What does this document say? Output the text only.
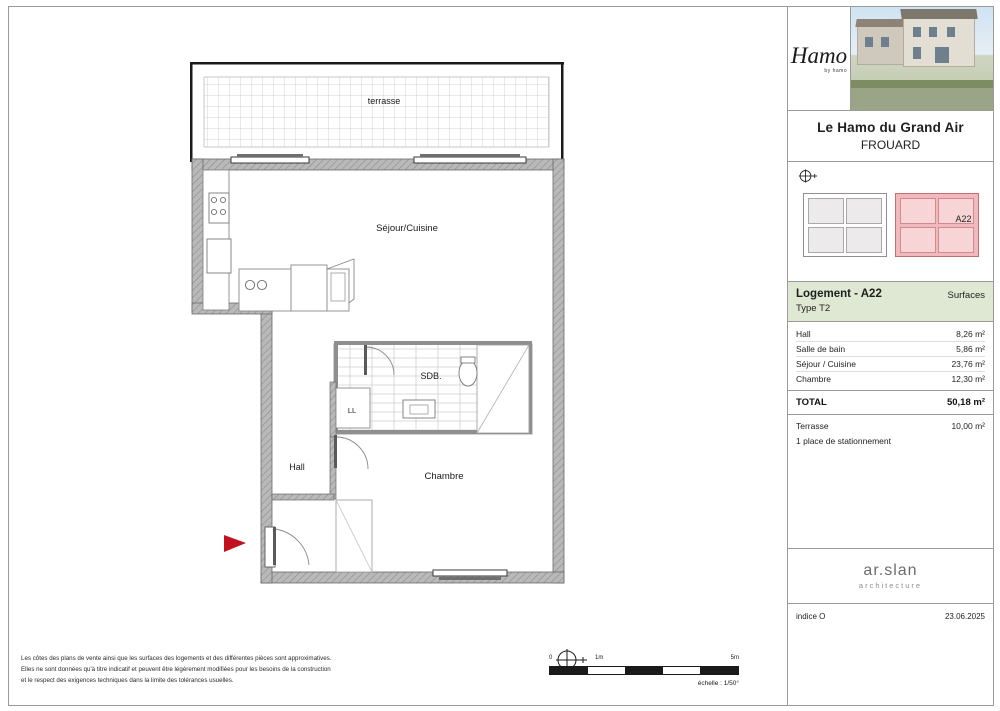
terrasse
Séjour/Cuisine
LL
SDB.
Chambre
Hall
Les côtes des plans de vente ainsi que les surfaces des logements et des différentes pièces sont approximatives.
Elles ne sont données qu'à titre indicatif et peuvent être légèrement modifiées pour les besoins de la construction
et le respect des exigences techniques dans la limite des tolérances usuelles.
0	1m	5m
échelle : 1/50°
Hamo
by hamo
Le Hamo du Grand Air
FROUARD
A22
Logement - A22
Type T2
Surfaces
Hall	8,26 m²
Salle de bain	5,86 m²
Séjour / Cuisine	23,76 m²
Chambre	12,30 m²
TOTAL	50,18 m²
Terrasse	10,00 m²
1 place de stationnement
ar.slan
architecture
indice O	23.06.2025
